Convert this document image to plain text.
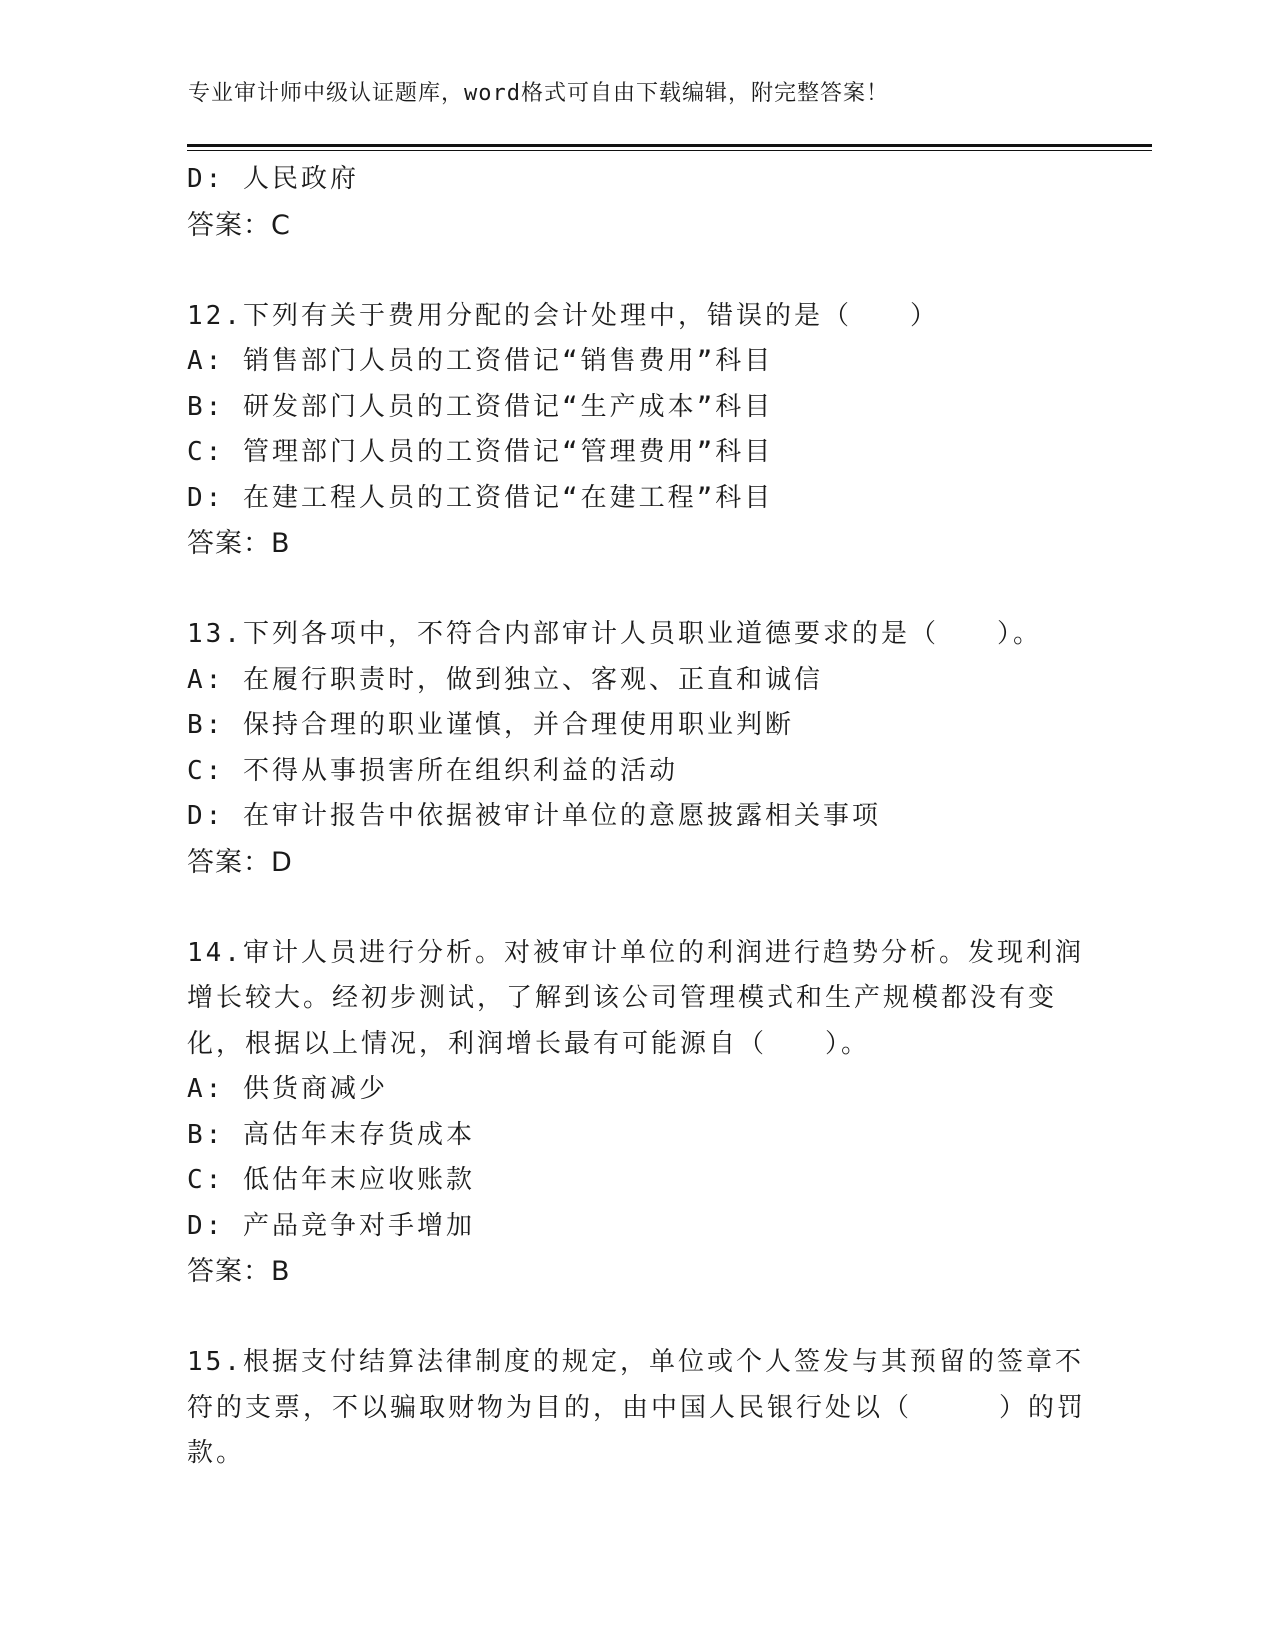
专业审计师中级认证题库，word格式可自由下载编辑，附完整答案！
D: 人民政府
答案：C
12.下列有关于费用分配的会计处理中，错误的是（　　）
A: 销售部门人员的工资借记“销售费用”科目
B: 研发部门人员的工资借记“生产成本”科目
C: 管理部门人员的工资借记“管理费用”科目
D: 在建工程人员的工资借记“在建工程”科目
答案：B
13.下列各项中，不符合内部审计人员职业道德要求的是（　　）。
A: 在履行职责时，做到独立、客观、正直和诚信
B: 保持合理的职业谨慎，并合理使用职业判断
C: 不得从事损害所在组织利益的活动
D: 在审计报告中依据被审计单位的意愿披露相关事项
答案：D
14.审计人员进行分析。对被审计单位的利润进行趋势分析。发现利润增长较大。经初步测试，了解到该公司管理模式和生产规模都没有变化，根据以上情况，利润增长最有可能源自（　　）。
A: 供货商减少
B: 高估年末存货成本
C: 低估年末应收账款
D: 产品竞争对手增加
答案：B
15.根据支付结算法律制度的规定，单位或个人签发与其预留的签章不符的支票，不以骗取财物为目的，由中国人民银行处以（　　　）的罚款。
